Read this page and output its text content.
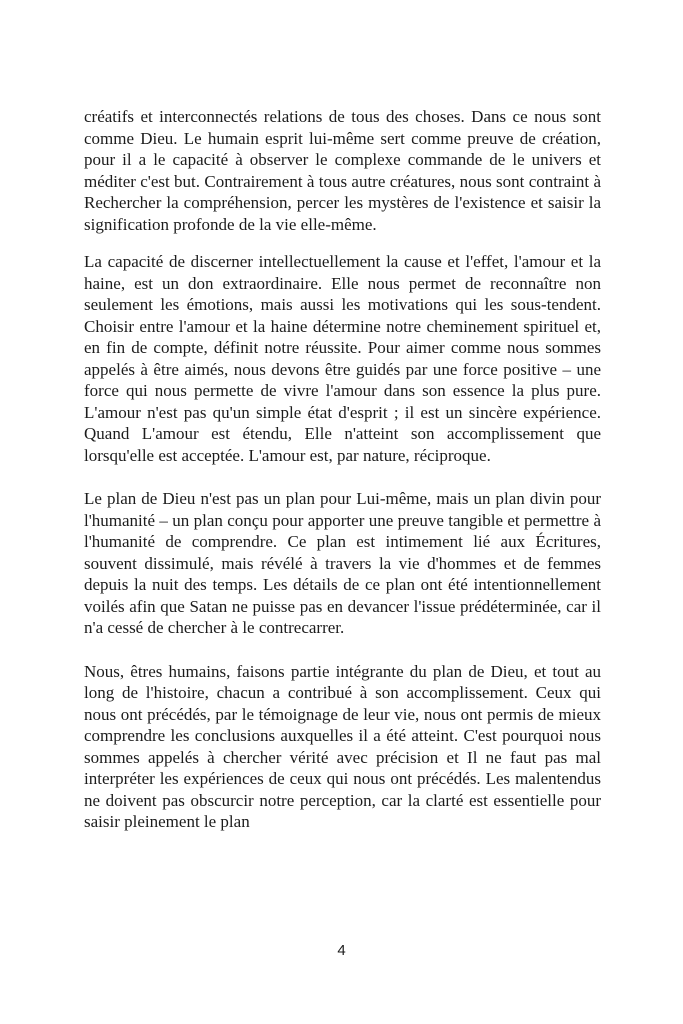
créatifs et interconnectés relations de tous des choses. Dans ce nous sont comme Dieu. Le humain esprit lui-même sert comme preuve de création, pour il a le capacité à observer le complexe commande de le univers et méditer c'est but. Contrairement à tous autre créatures, nous sont contraint à Rechercher la compréhension, percer les mystères de l'existence et saisir la signification profonde de la vie elle-même.

La capacité de discerner intellectuellement la cause et l'effet, l'amour et la haine, est un don extraordinaire. Elle nous permet de reconnaître non seulement les émotions, mais aussi les motivations qui les sous-tendent. Choisir entre l'amour et la haine détermine notre cheminement spirituel et, en fin de compte, définit notre réussite. Pour aimer comme nous sommes appelés à être aimés, nous devons être guidés par une force positive – une force qui nous permette de vivre l'amour dans son essence la plus pure. L'amour n'est pas qu'un simple état d'esprit ; il est un sincère expérience. Quand L'amour est étendu, Elle n'atteint son accomplissement que lorsqu'elle est acceptée. L'amour est, par nature, réciproque.

Le plan de Dieu n'est pas un plan pour Lui-même, mais un plan divin pour l'humanité – un plan conçu pour apporter une preuve tangible et permettre à l'humanité de comprendre. Ce plan est intimement lié aux Écritures, souvent dissimulé, mais révélé à travers la vie d'hommes et de femmes depuis la nuit des temps. Les détails de ce plan ont été intentionnellement voilés afin que Satan ne puisse pas en devancer l'issue prédéterminée, car il n'a cessé de chercher à le contrecarrer.

Nous, êtres humains, faisons partie intégrante du plan de Dieu, et tout au long de l'histoire, chacun a contribué à son accomplissement. Ceux qui nous ont précédés, par le témoignage de leur vie, nous ont permis de mieux comprendre les conclusions auxquelles il a été atteint. C'est pourquoi nous sommes appelés à chercher vérité avec précision et Il ne faut pas mal interpréter les expériences de ceux qui nous ont précédés. Les malentendus ne doivent pas obscurcir notre perception, car la clarté est essentielle pour saisir pleinement le plan

4
